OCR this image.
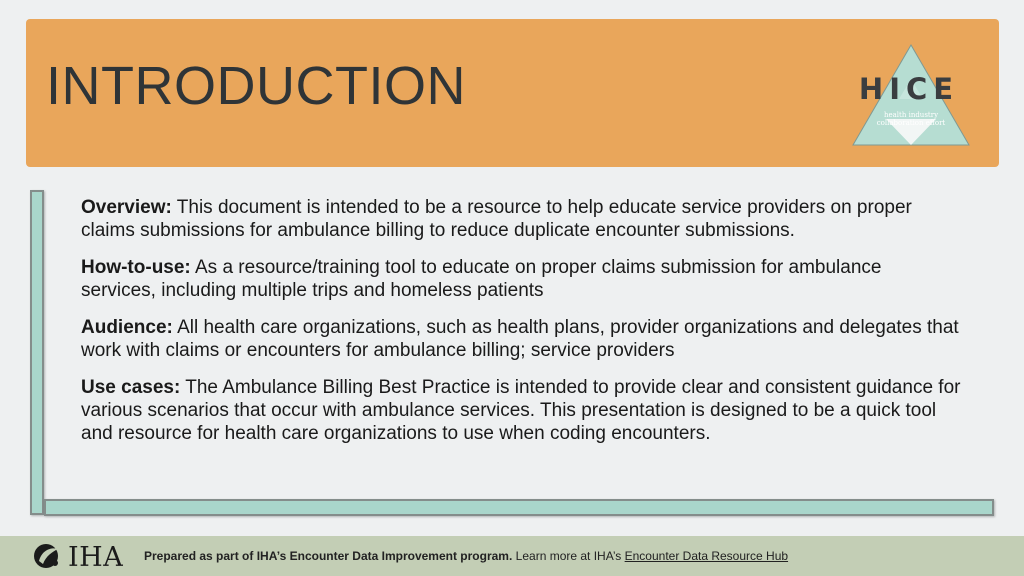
INTRODUCTION	HICE
health industry
collaboration effort

Overview: This document is intended to be a resource to help educate service providers on proper claims submissions for ambulance billing to reduce duplicate encounter submissions.

How-to-use: As a resource/training tool to educate on proper claims submission for ambulance services, including multiple trips and homeless patients

Audience: All health care organizations, such as health plans, provider organizations and delegates that work with claims or encounters for ambulance billing; service providers

Use cases: The Ambulance Billing Best Practice is intended to provide clear and consistent guidance for various scenarios that occur with ambulance services. This presentation is designed to be a quick tool and resource for health care organizations to use when coding encounters.

IHA Prepared as part of IHA’s Encounter Data Improvement program. Learn more at IHA’s Encounter Data Resource Hub
